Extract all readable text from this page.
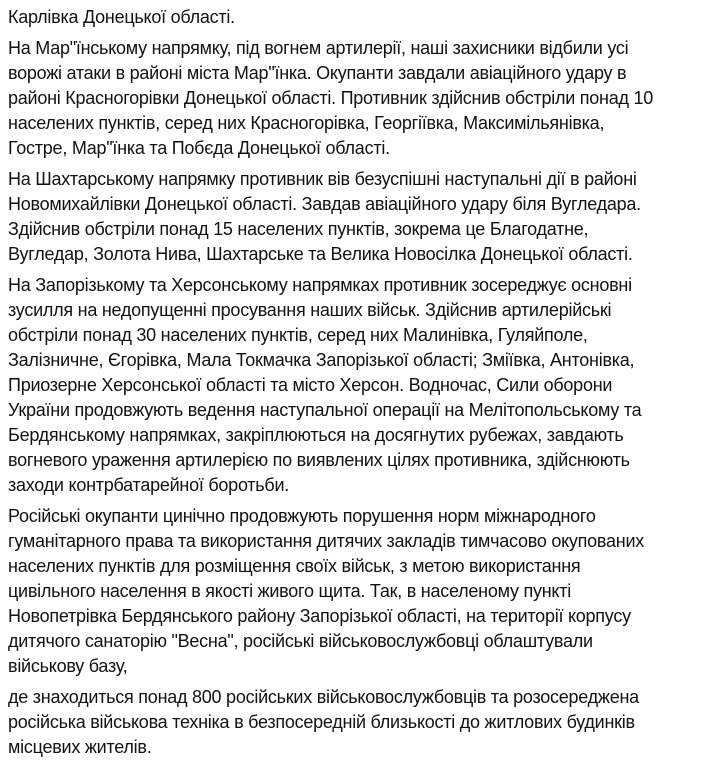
Карлівка Донецької області.
На Мар"їнському напрямку, під вогнем артилерії, наші захисники відбили усі
ворожі атаки в районі міста Мар"їнка. Окупанти завдали авіаційного удару в
районі Красногорівки Донецької області. Противник здійснив обстріли понад 10
населених пунктів, серед них Красногорівка, Георгіївка, Максимільянівка,
Гостре, Мар"їнка та Побєда Донецької області.
На Шахтарському напрямку противник вів безуспішні наступальні дії в районі
Новомихайлівки Донецької області. Завдав авіаційного удару біля Вугледара.
Здійснив обстріли понад 15 населених пунктів, зокрема це Благодатне,
Вугледар, Золота Нива, Шахтарське та Велика Новосілка Донецької області.
На Запорізькому та Херсонському напрямках противник зосереджує основні
зусилля на недопущенні просування наших військ. Здійснив артилерійські
обстріли понад 30 населених пунктів, серед них Малинівка, Гуляйполе,
Залізничне, Єгорівка, Мала Токмачка Запорізької області; Зміївка, Антонівка,
Приозерне Херсонської області та місто Херсон. Водночас, Сили оборони
України продовжують ведення наступальної операції на Мелітопольському та
Бердянському напрямках, закріплюються на досягнутих рубежах, завдають
вогневого ураження артилерією по виявлених цілях противника, здійснюють
заходи контрбатарейної боротьби.
Російські окупанти цинічно продовжують порушення норм міжнародного
гуманітарного права та використання дитячих закладів тимчасово окупованих
населених пунктів для розміщення своїх військ, з метою використання
цивільного населення в якості живого щита. Так, в населеному пункті
Новопетрівка Бердянського району Запорізької області, на території корпусу
дитячого санаторію "Весна", російські військовослужбовці облаштували
військову базу,
де знаходиться понад 800 російських військовослужбовців та розосереджена
російська військова техніка в безпосередній близькості до житлових будинків
місцевих жителів.
